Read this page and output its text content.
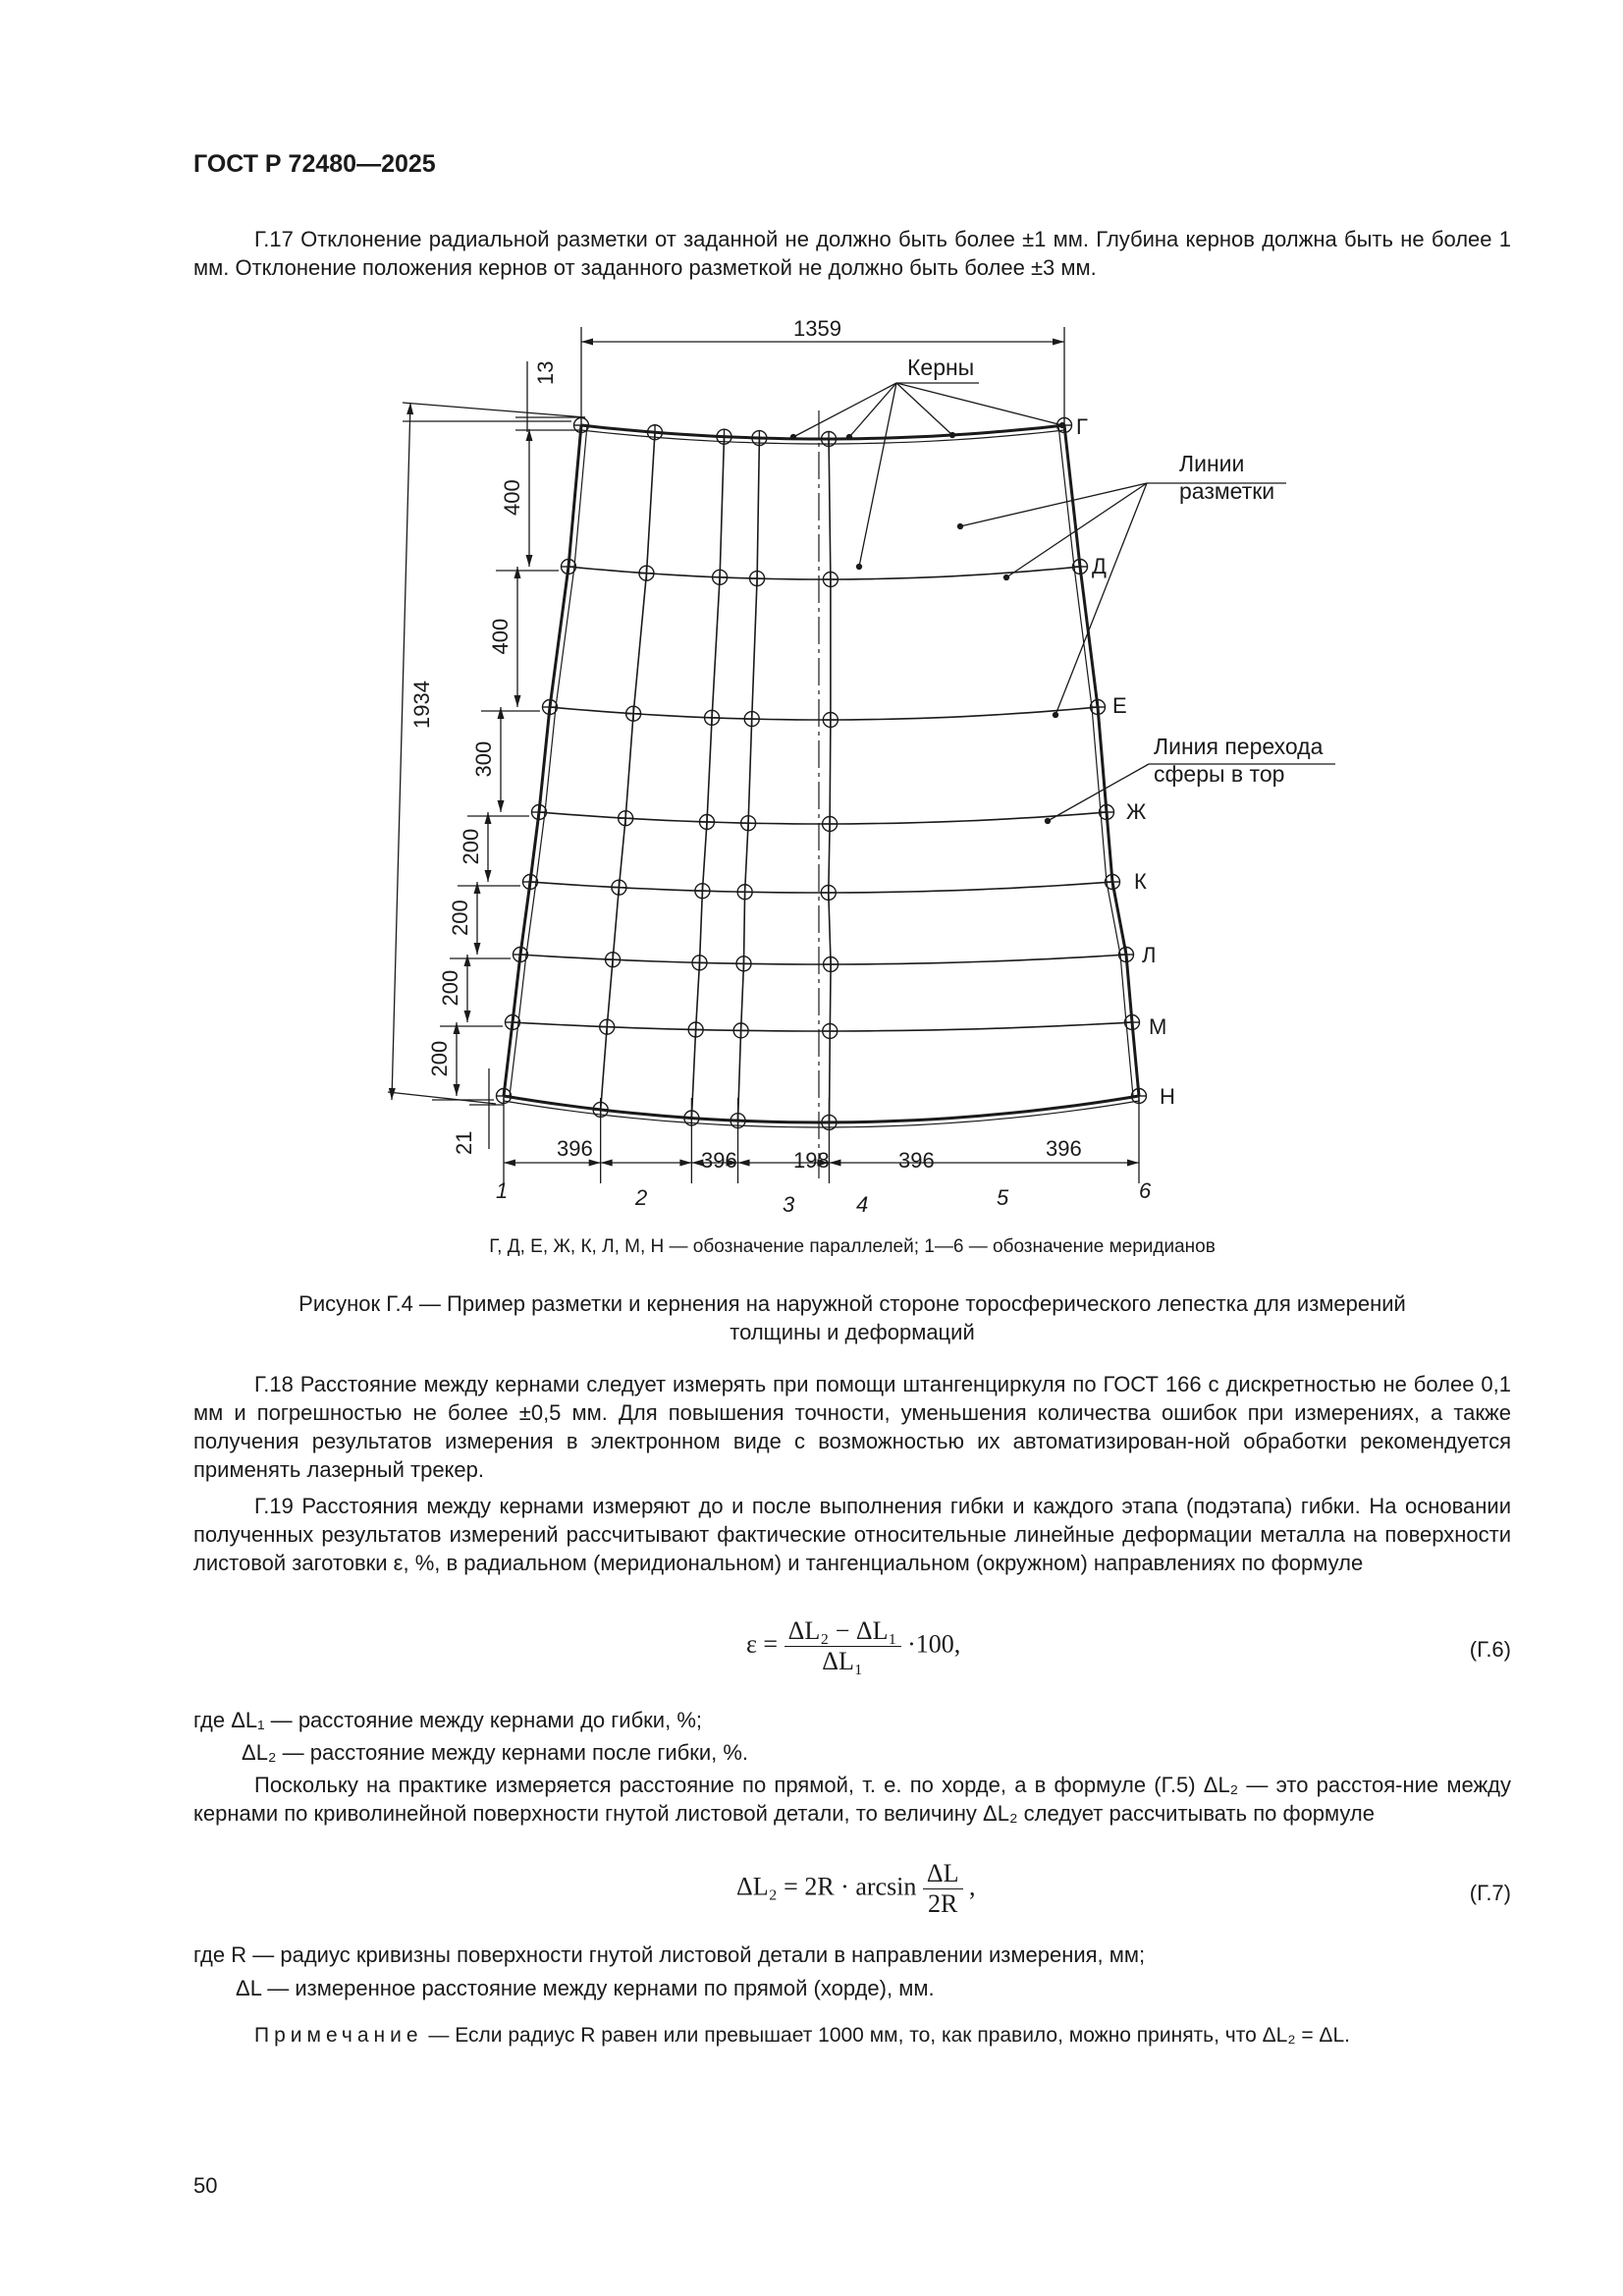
ГОСТ Р 72480—2025
Г.17 Отклонение радиальной разметки от заданной не должно быть более ±1 мм. Глубина кернов должна быть не более 1 мм. Отклонение положения кернов от заданного разметкой не должно быть более ±3 мм.
1359
13
400
400
300
200
200
200
200
1934
21	396	396	198	396	396
1	2	3	4	5	6
Г
Д
Е
Ж
К
Л
М
Н
Керны
Линии
разметки
Линия перехода
сферы в тор
Г, Д, Е, Ж, К, Л, М, Н — обозначение параллелей; 1—6 — обозначение меридианов
Рисунок Г.4 — Пример разметки и кернения на наружной стороне торосферического лепестка для измерений
толщины и деформаций
Г.18 Расстояние между кернами следует измерять при помощи штангенциркуля по ГОСТ 166 с дискретностью не более 0,1 мм и погрешностью не более ±0,5 мм. Для повышения точности, уменьшения количества ошибок при измерениях, а также получения результатов измерения в электронном виде с возможностью их автоматизирован-ной обработки рекомендуется применять лазерный трекер.
Г.19 Расстояния между кернами измеряют до и после выполнения гибки и каждого этапа (подэтапа) гибки. На основании полученных результатов измерений рассчитывают фактические относительные линейные деформации металла на поверхности листовой заготовки ε, %, в радиальном (меридиональном) и тангенциальном (окружном) направлениях по формуле
$\varepsilon = \frac{\text{ΔL₂ − ΔL₁}}{\text{ΔL₁}} \cdot 100$,	(Г.6)
где ΔL₁ — расстояние между кернами до гибки, %;
ΔL₂ — расстояние между кернами после гибки, %.
Поскольку на практике измеряется расстояние по прямой, т. е. по хорде, а в формуле (Г.5) ΔL₂ — это расстоя-ние между кернами по криволинейной поверхности гнутой листовой детали, то величину ΔL₂ следует рассчитывать по формуле
$\Delta L_2 = 2R \cdot \arcsin \frac{\Delta L}{2R}$ ,	(Г.7)
где R — радиус кривизны поверхности гнутой листовой детали в направлении измерения, мм;
ΔL — измеренное расстояние между кернами по прямой (хорде), мм.
Примечание — Если радиус R равен или превышает 1000 мм, то, как правило, можно принять, что ΔL₂ = ΔL.
50
